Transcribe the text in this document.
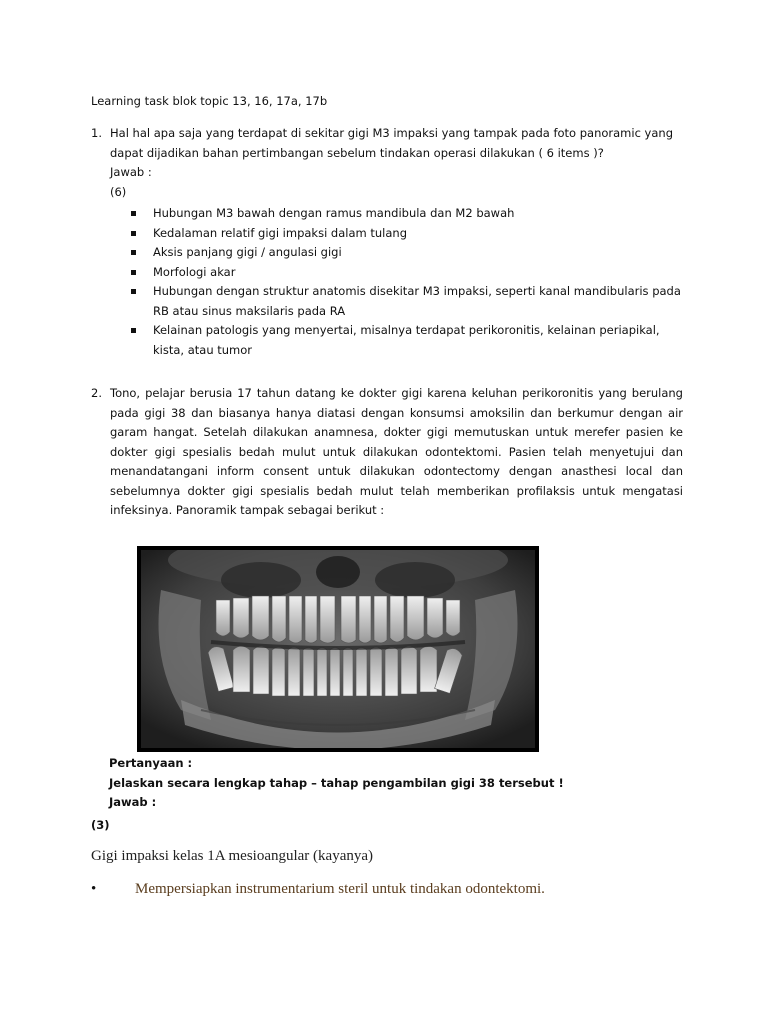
Learning task blok topic 13, 16, 17a, 17b
1. Hal hal apa saja yang terdapat di sekitar gigi M3 impaksi yang tampak pada foto panoramic yang dapat dijadikan bahan pertimbangan sebelum tindakan operasi dilakukan ( 6 items )?
Jawab :
(6)
Hubungan M3 bawah dengan ramus mandibula dan M2 bawah
Kedalaman relatif gigi impaksi dalam tulang
Aksis panjang gigi / angulasi gigi
Morfologi akar
Hubungan dengan struktur anatomis disekitar M3 impaksi, seperti kanal mandibularis pada RB atau sinus maksilaris pada RA
Kelainan patologis yang menyertai, misalnya terdapat perikoronitis, kelainan periapikal, kista, atau tumor
2. Tono, pelajar berusia 17 tahun datang ke dokter gigi karena keluhan perikoronitis yang berulang pada gigi 38 dan biasanya hanya diatasi dengan konsumsi amoksilin dan berkumur dengan air garam hangat. Setelah dilakukan anamnesa, dokter gigi memutuskan untuk merefer pasien ke dokter gigi spesialis bedah mulut untuk dilakukan odontektomi. Pasien telah menyetujui dan menandatangani inform consent untuk dilakukan odontectomy dengan anasthesi local dan sebelumnya dokter gigi spesialis bedah mulut telah memberikan profilaksis untuk mengatasi infeksinya. Panoramik tampak sebagai berikut :
Pertanyaan :
Jelaskan secara lengkap tahap – tahap pengambilan gigi 38 tersebut !
Jawab :
(3)
Gigi impaksi kelas 1A mesioangular (kayanya)
•	Mempersiapkan instrumentarium steril untuk tindakan odontektomi.
